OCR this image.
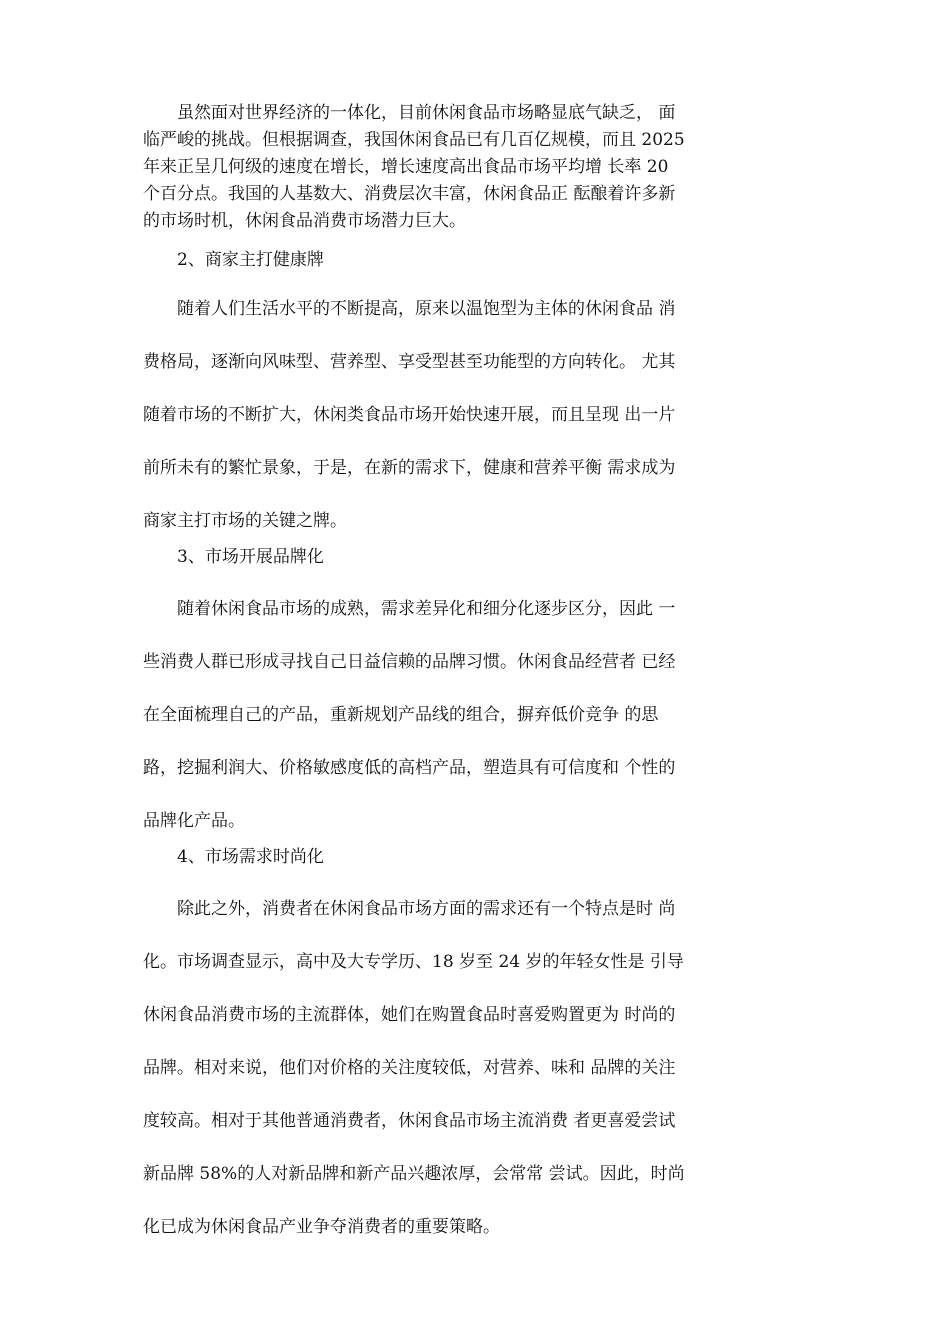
虽然面对世界经济的一体化，目前休闲食品市场略显底气缺乏， 面
临严峻的挑战。但根据调查，我国休闲食品已有几百亿规模，而且 2025
年来正呈几何级的速度在增长，增长速度高出食品市场平均增 长率 20
个百分点。我国的人基数大、消费层次丰富，休闲食品正 酝酿着许多新
的市场时机，休闲食品消费市场潜力巨大。
2、商家主打健康牌
随着人们生活水平的不断提高，原来以温饱型为主体的休闲食品 消
费格局，逐渐向风味型、营养型、享受型甚至功能型的方向转化。 尤其
随着市场的不断扩大，休闲类食品市场开始快速开展，而且呈现 出一片
前所未有的繁忙景象，于是，在新的需求下，健康和营养平衡 需求成为
商家主打市场的关键之牌。
3、市场开展品牌化
随着休闲食品市场的成熟，需求差异化和细分化逐步区分，因此 一
些消费人群已形成寻找自己日益信赖的品牌习惯。休闲食品经营者 已经
在全面梳理自己的产品，重新规划产品线的组合，摒弃低价竞争 的思
路，挖掘利润大、价格敏感度低的高档产品，塑造具有可信度和 个性的
品牌化产品。
4、市场需求时尚化
除此之外，消费者在休闲食品市场方面的需求还有一个特点是时 尚
化。市场调查显示，高中及大专学历、18 岁至 24 岁的年轻女性是 引导
休闲食品消费市场的主流群体，她们在购置食品时喜爱购置更为 时尚的
品牌。相对来说，他们对价格的关注度较低，对营养、味和 品牌的关注
度较高。相对于其他普通消费者，休闲食品市场主流消费 者更喜爱尝试
新品牌 58%的人对新品牌和新产品兴趣浓厚，会常常 尝试。因此，时尚
化已成为休闲食品产业争夺消费者的重要策略。
